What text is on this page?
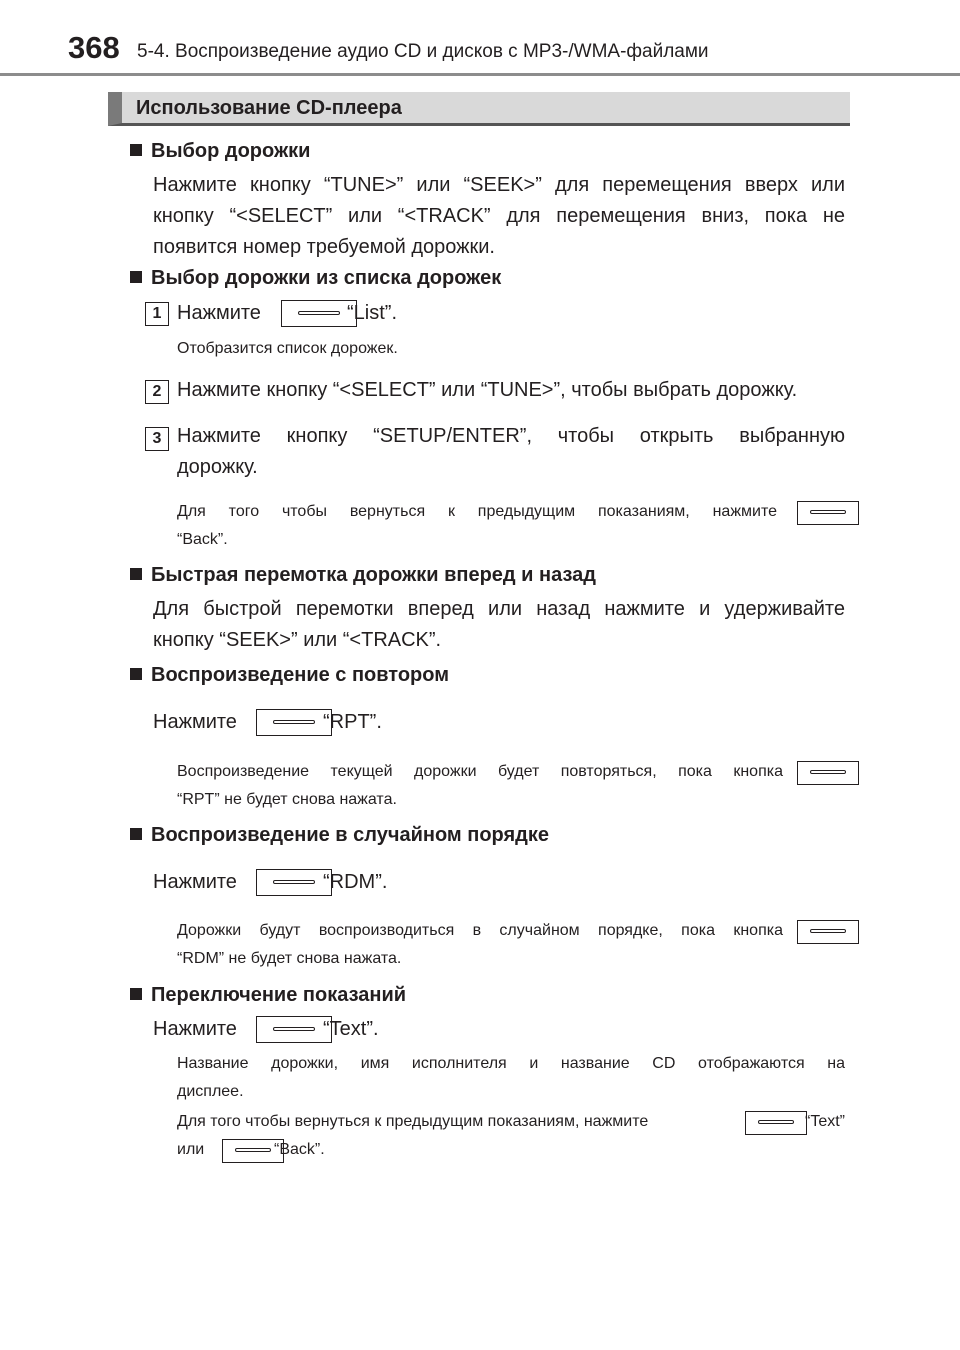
368 5-4. Воспроизведение аудио CD и дисков с MP3-/WMA-файлами
Использование CD-плеера
Выбор дорожки
Нажмите кнопку “TUNE>” или “SEEK>” для перемещения вверх или
кнопку “<SELECT” или “<TRACK” для перемещения вниз, пока не
появится номер требуемой дорожки.
Выбор дорожки из списка дорожек
1 Нажмите	“List”.
Отобразится список дорожек.
2 Нажмите кнопку “<SELECT” или “TUNE>”, чтобы выбрать дорожку.
3 Нажмите кнопку “SETUP/ENTER”, чтобы открыть выбранную
дорожку.
Для того чтобы вернуться к предыдущим показаниям, нажмите
“Back”.
Быстрая перемотка дорожки вперед и назад
Для быстрой перемотки вперед или назад нажмите и удерживайте
кнопку “SEEK>” или “<TRACK”.
Воспроизведение с повтором
Нажмите	“RPT”.
Воспроизведение текущей дорожки будет повторяться, пока кнопка
“RPT” не будет снова нажата.
Воспроизведение в случайном порядке
Нажмите	“RDM”.
Дорожки будут воспроизводиться в случайном порядке, пока кнопка
“RDM” не будет снова нажата.
Переключение показаний
Нажмите	“Text”.
Название дорожки, имя исполнителя и название CD отображаются на
дисплее.
Для того чтобы вернуться к предыдущим показаниям, нажмите	“Text”
или	“Back”.
